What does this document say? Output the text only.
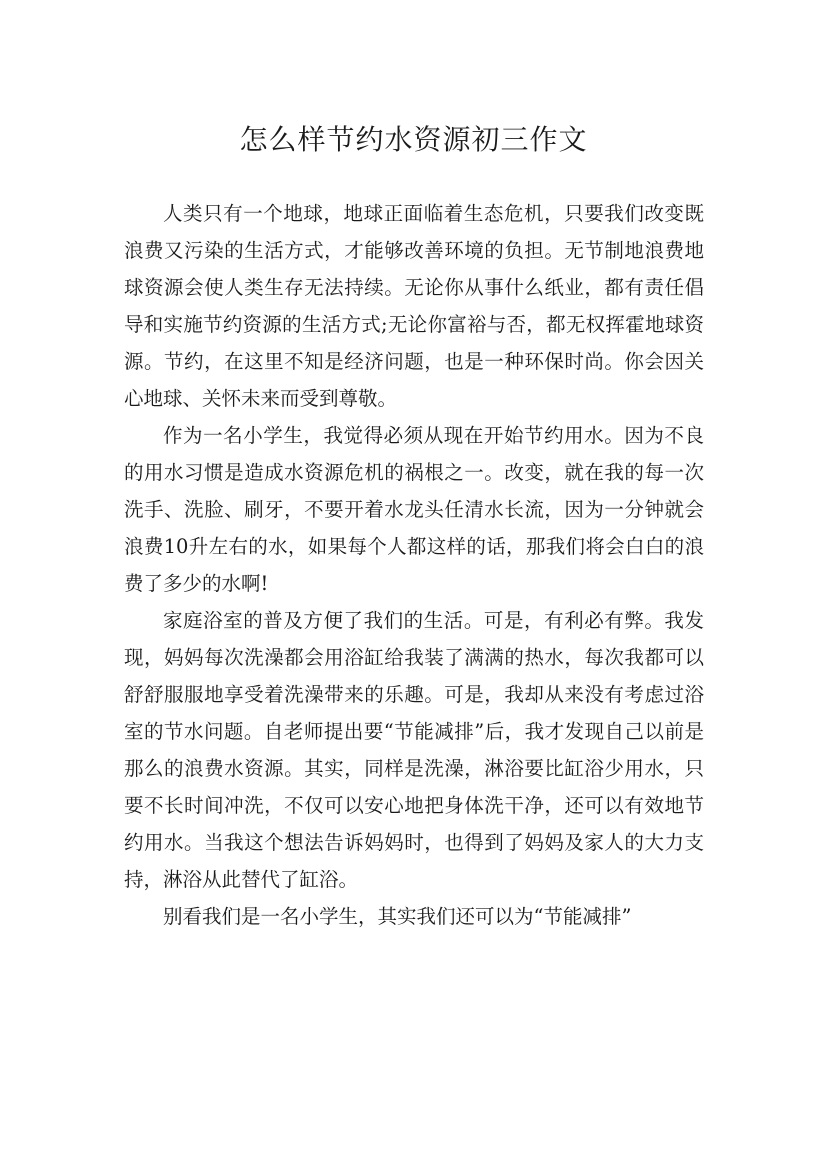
怎么样节约水资源初三作文

人类只有一个地球，地球正面临着生态危机，只要我们改变既浪费又污染的生活方式，才能够改善环境的负担。无节制地浪费地球资源会使人类生存无法持续。无论你从事什么纸业，都有责任倡导和实施节约资源的生活方式;无论你富裕与否，都无权挥霍地球资源。节约，在这里不知是经济问题，也是一种环保时尚。你会因关心地球、关怀未来而受到尊敬。

作为一名小学生，我觉得必须从现在开始节约用水。因为不良的用水习惯是造成水资源危机的祸根之一。改变，就在我的每一次洗手、洗脸、刷牙，不要开着水龙头任清水长流，因为一分钟就会浪费10升左右的水，如果每个人都这样的话，那我们将会白白的浪费了多少的水啊!

家庭浴室的普及方便了我们的生活。可是，有利必有弊。我发现，妈妈每次洗澡都会用浴缸给我装了满满的热水，每次我都可以舒舒服服地享受着洗澡带来的乐趣。可是，我却从来没有考虑过浴室的节水问题。自老师提出要“节能减排”后，我才发现自己以前是那么的浪费水资源。其实，同样是洗澡，淋浴要比缸浴少用水，只要不长时间冲洗，不仅可以安心地把身体洗干净，还可以有效地节约用水。当我这个想法告诉妈妈时，也得到了妈妈及家人的大力支持，淋浴从此替代了缸浴。

别看我们是一名小学生，其实我们还可以为“节能减排”
